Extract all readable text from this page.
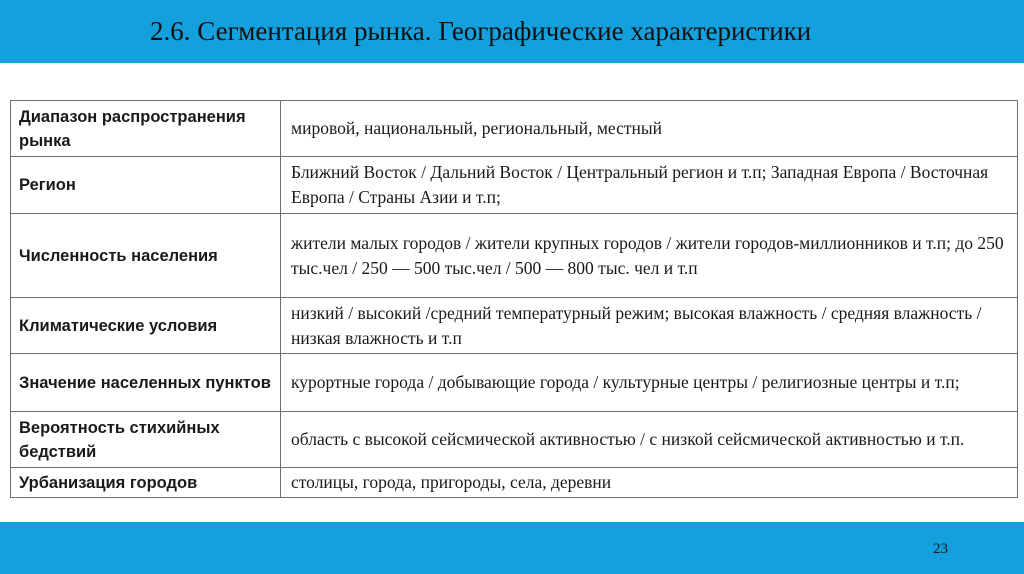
2.6. Сегментация рынка. Географические характеристики
Диапазон распространения рынка	мировой, национальный, региональный, местный
Регион	Ближний Восток / Дальний Восток / Центральный регион и т.п; Западная Европа / Восточная Европа / Страны Азии и т.п;
Численность населения	жители малых городов / жители крупных городов / жители городов-миллионников и т.п; до 250 тыс.чел / 250 — 500 тыс.чел / 500 — 800 тыс. чел и т.п
Климатические условия	низкий / высокий /средний температурный режим; высокая влажность / средняя влажность / низкая влажность и т.п
Значение населенных пунктов	курортные города / добывающие города / культурные центры / религиозные центры и т.п;
Вероятность стихийных бедствий	область с высокой сейсмической активностью / с низкой сейсмической активностью и т.п.
Урбанизация городов	столицы, города, пригороды, села, деревни
23
